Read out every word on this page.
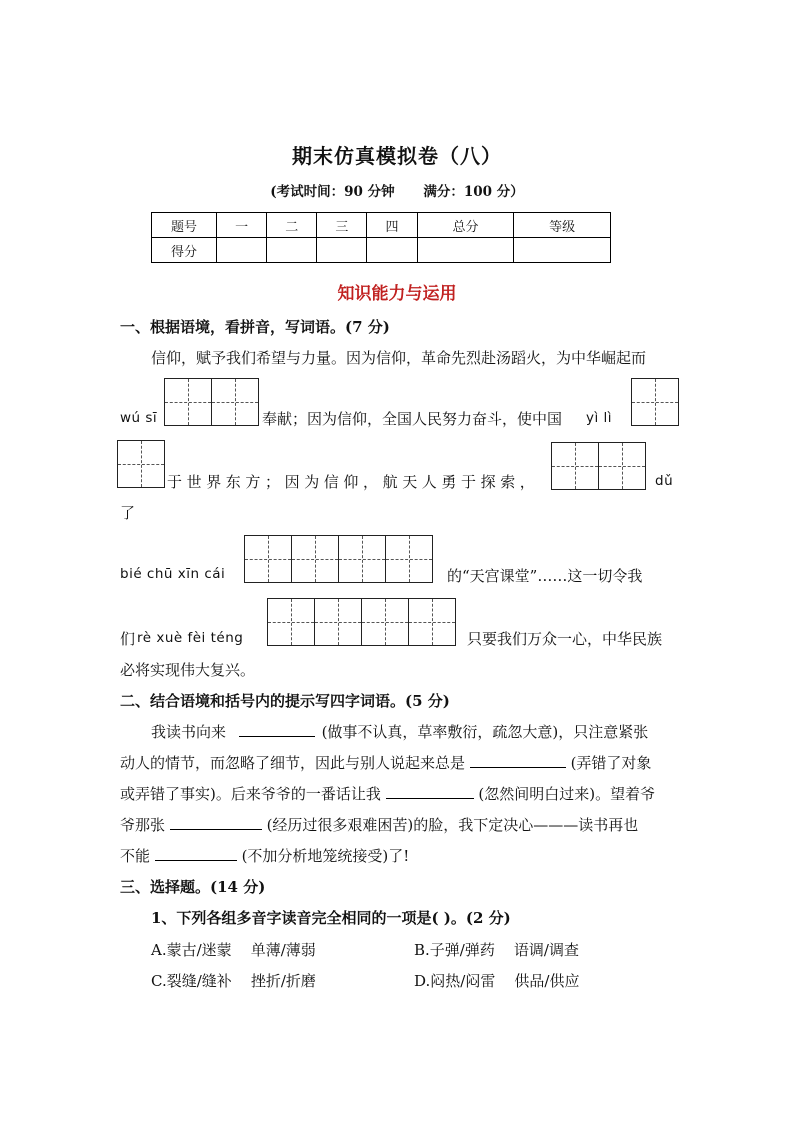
期末仿真模拟卷（八）
(考试时间：90 分钟 满分：100 分）
题号	一	二	三	四	总分	等级
得分						
知识能力与运用
一、根据语境，看拼音，写词语。(7 分)
信仰，赋予我们希望与力量。因为信仰，革命先烈赴汤蹈火，为中华崛起而
wú sī	奉献；因为信仰，全国人民努力奋斗，使中国 yì lì
于世界东方；因为信仰，航天人勇于探索，	dǔ
了
bié chū xīn cái	的“天宫课堂”……这一切令我
们 rè xuè fèi téng	只要我们万众一心，中华民族
必将实现伟大复兴。
二、结合语境和括号内的提示写四字词语。(5 分)
我读书向来	(做事不认真，草率敷衍，疏忽大意)，只注意紧张
动人的情节，而忽略了细节，因此与别人说起来总是	(弄错了对象
或弄错了事实)。后来爷爷的一番话让我	(忽然间明白过来)。望着爷
爷那张	(经历过很多艰难困苦)的脸，我下定决心———读书再也
不能	(不加分析地笼统接受)了!
三、选择题。(14 分)
1、下列各组多音字读音完全相同的一项是( )。(2 分)
A.蒙古/迷蒙    单薄/薄弱	B.子弹/弹药    语调/调查
C.裂缝/缝补    挫折/折磨	D.闷热/闷雷    供品/供应
